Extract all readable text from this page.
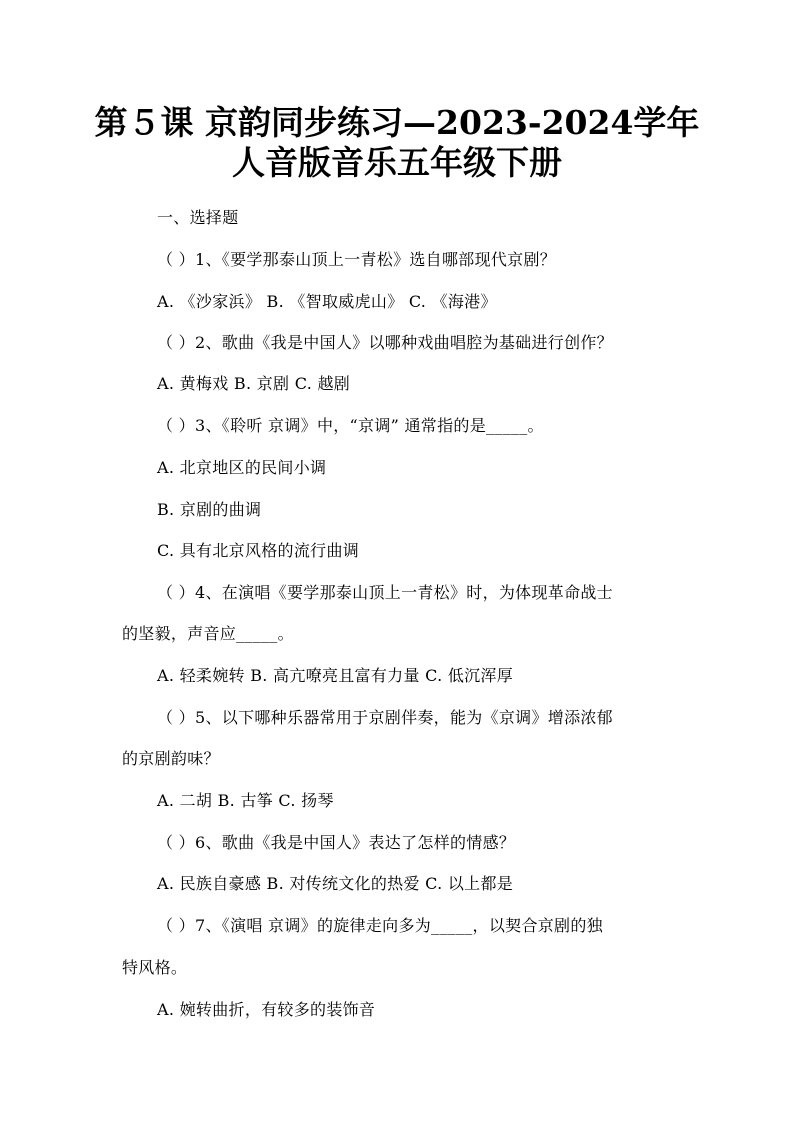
第５课 京韵同步练习—2023-2024学年
人音版音乐五年级下册
一、选择题
（ ）1、《要学那泰山顶上一青松》选自哪部现代京剧？
A. 《沙家浜》 B. 《智取威虎山》 C. 《海港》
（ ）2、歌曲《我是中国人》以哪种戏曲唱腔为基础进行创作？
A. 黄梅戏 B. 京剧 C. 越剧
（ ）3、《聆听 京调》中，“京调” 通常指的是_____。
A. 北京地区的民间小调
B. 京剧的曲调
C. 具有北京风格的流行曲调
（ ）4、在演唱《要学那泰山顶上一青松》时，为体现革命战士
的坚毅，声音应_____。
A. 轻柔婉转 B. 高亢嘹亮且富有力量 C. 低沉浑厚
（ ）5、以下哪种乐器常用于京剧伴奏，能为《京调》增添浓郁
的京剧韵味？
A. 二胡 B. 古筝 C. 扬琴
（ ）6、歌曲《我是中国人》表达了怎样的情感？
A. 民族自豪感 B. 对传统文化的热爱 C. 以上都是
（ ）7、《演唱 京调》的旋律走向多为_____，以契合京剧的独
特风格。
A. 婉转曲折，有较多的装饰音
